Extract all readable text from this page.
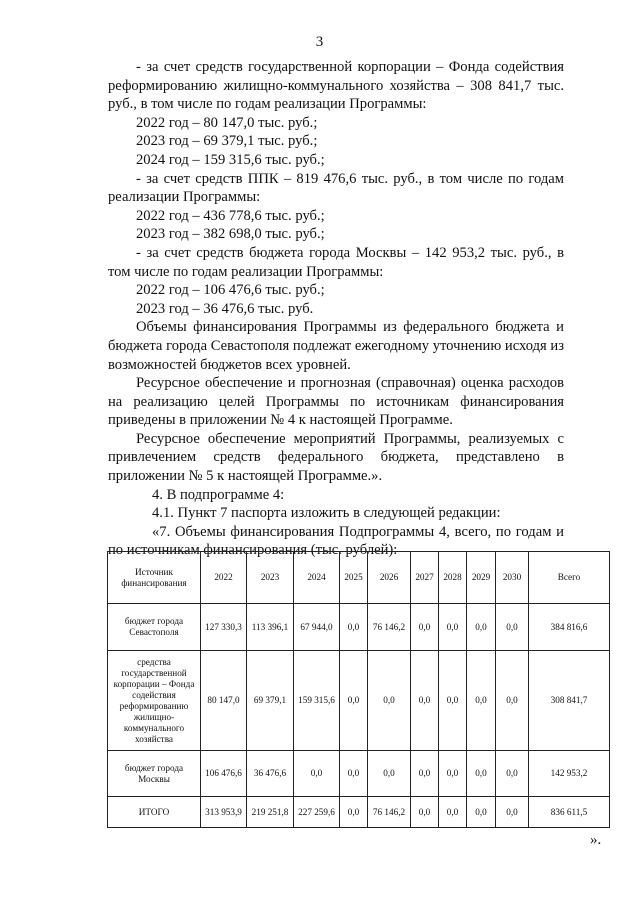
3

- за счет средств государственной корпорации – Фонда содействия реформированию жилищно-коммунального хозяйства – 308 841,7 тыс. руб., в том числе по годам реализации Программы:

2022 год – 80 147,0 тыс. руб.;

2023 год – 69 379,1 тыс. руб.;

2024 год – 159 315,6 тыс. руб.;

- за счет средств ППК – 819 476,6 тыс. руб., в том числе по годам реализации Программы:

2022 год – 436 778,6 тыс. руб.;

2023 год – 382 698,0 тыс. руб.;

- за счет средств бюджета города Москвы – 142 953,2 тыс. руб., в том числе по годам реализации Программы:

2022 год – 106 476,6 тыс. руб.;

2023 год – 36 476,6 тыс. руб.

Объемы финансирования Программы из федерального бюджета и бюджета города Севастополя подлежат ежегодному уточнению исходя из возможностей бюджетов всех уровней.

Ресурсное обеспечение и прогнозная (справочная) оценка расходов на реализацию целей Программы по источникам финансирования приведены в приложении № 4 к настоящей Программе.

Ресурсное обеспечение мероприятий Программы, реализуемых с привлечением средств федерального бюджета, представлено в приложении № 5 к настоящей Программе.».

4. В подпрограмме 4:

4.1. Пункт 7 паспорта изложить в следующей редакции:

«7. Объемы финансирования Подпрограммы 4, всего, по годам и по источникам финансирования (тыс. рублей):

Источник финансирования	2022	2023	2024	2025	2026	2027	2028	2029	2030	Всего
бюджет города Севастополя	127 330,3	113 396,1	67 944,0	0,0	76 146,2	0,0	0,0	0,0	0,0	384 816,6
средства государственной корпорации – Фонда содействия реформированию жилищно-коммунального хозяйства	80 147,0	69 379,1	159 315,6	0,0	0,0	0,0	0,0	0,0	0,0	308 841,7
бюджет города Москвы	106 476,6	36 476,6	0,0	0,0	0,0	0,0	0,0	0,0	0,0	142 953,2
ИТОГО	313 953,9	219 251,8	227 259,6	0,0	76 146,2	0,0	0,0	0,0	0,0	836 611,5
».
